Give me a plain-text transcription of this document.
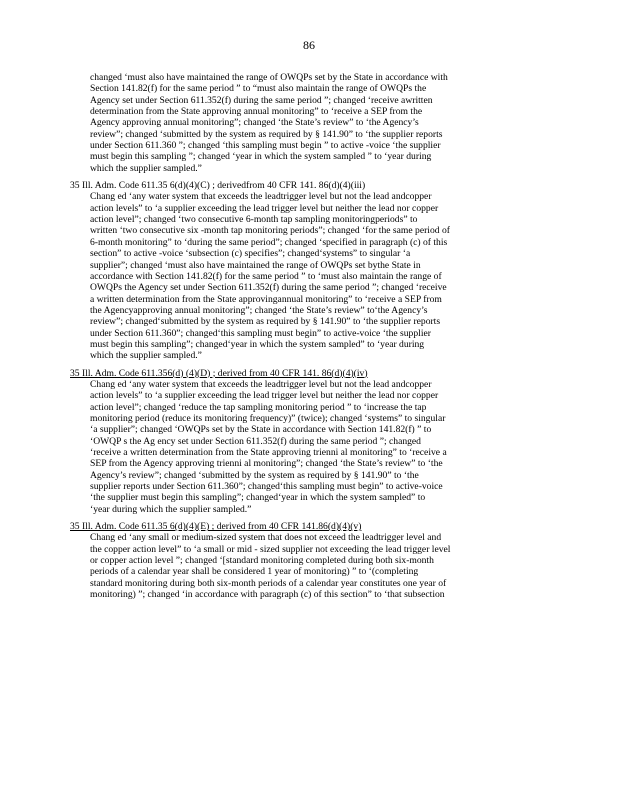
86
changed ‘must also have maintained the range of OWQPs set by the State in accordance with
Section 141.82(f) for the same period ” to “must also maintain the range of OWQPs the
Agency set under Section 611.352(f) during the same period ”; changed ‘receive awritten
determination from the State approving annual monitoring” to ‘receive a SEP from the
Agency approving annual monitoring”; changed ‘the State’s review” to ‘the Agency’s
review”; changed ‘submitted by the system as required by § 141.90” to ‘the supplier reports
under Section 611.360 ”; changed ‘this sampling must begin ” to active -voice ‘the supplier
must begin this sampling ”; changed ‘year in which the system sampled ” to ‘year during
which the supplier sampled.”
35 Ill. Adm. Code 611.35 6(d)(4)(C) ; derivedfrom 40 CFR 141. 86(d)(4)(iii)
Chang ed ‘any water system that exceeds the leadtrigger level but not the lead andcopper
action levels” to ‘a supplier exceeding the lead trigger level but neither the lead nor copper
action level”; changed ‘two consecutive 6-month tap sampling monitoringperiods” to
written ‘two consecutive six -month tap monitoring periods”; changed ‘for the same period of
6-month monitoring” to ‘during the same period”; changed ‘specified in paragraph (c) of this
section” to active -voice ‘subsection (c) specifies”; changed‘systems” to singular ‘a
supplier”; changed ‘must also have maintained the range of OWQPs set bythe State in
accordance with Section 141.82(f) for the same period ” to ‘must also maintain the range of
OWQPs the Agency set under Section 611.352(f) during the same period ”; changed ‘receive
a written determination from the State approvingannual monitoring” to ‘receive a SEP from
the Agencyapproving annual monitoring”; changed ‘the State’s review” to‘the Agency’s
review”; changed‘submitted by the system as required by § 141.90” to ‘the supplier reports
under Section 611.360”; changed‘this sampling must begin” to active-voice ‘the supplier
must begin this sampling”; changed‘year in which the system sampled” to ‘year during
which the supplier sampled.”
35 Ill. Adm. Code 611.356(d) (4)(D) ; derived from 40 CFR 141. 86(d)(4)(iv)
Chang ed ‘any water system that exceeds the leadtrigger level but not the lead andcopper
action levels” to ‘a supplier exceeding the lead trigger level but neither the lead nor copper
action level”; changed ‘reduce the tap sampling monitoring period ” to ‘increase the tap
monitoring period (reduce its monitoring frequency)” (twice); changed ‘systems” to singular
‘a supplier”; changed ‘OWQPs set by the State in accordance with Section 141.82(f) ” to
‘OWQP s the Ag ency set under Section 611.352(f) during the same period ”; changed
‘receive a written determination from the State approving trienni al monitoring” to ‘receive a
SEP from the Agency approving trienni al monitoring”; changed ‘the State’s review” to ‘the
Agency’s review”; changed ‘submitted by the system as required by § 141.90” to ‘the
supplier reports under Section 611.360”; changed‘this sampling must begin” to active-voice
‘the supplier must begin this sampling”; changed‘year in which the system sampled” to
‘year during which the supplier sampled.”
35 Ill. Adm. Code 611.35 6(d)(4)(E) ; derived from 40 CFR 141.86(d)(4)(v)
Chang ed ‘any small or medium-sized system that does not exceed the leadtrigger level and
the copper action level” to ‘a small or mid - sized supplier not exceeding the lead trigger level
or copper action level ”; changed ‘[standard monitoring completed during both six-month
periods of a calendar year shall be considered 1 year of monitoring) ” to ‘(completing
standard monitoring during both six-month periods of a calendar year constitutes one year of
monitoring) ”; changed ‘in accordance with paragraph (c) of this section” to ‘that subsection
